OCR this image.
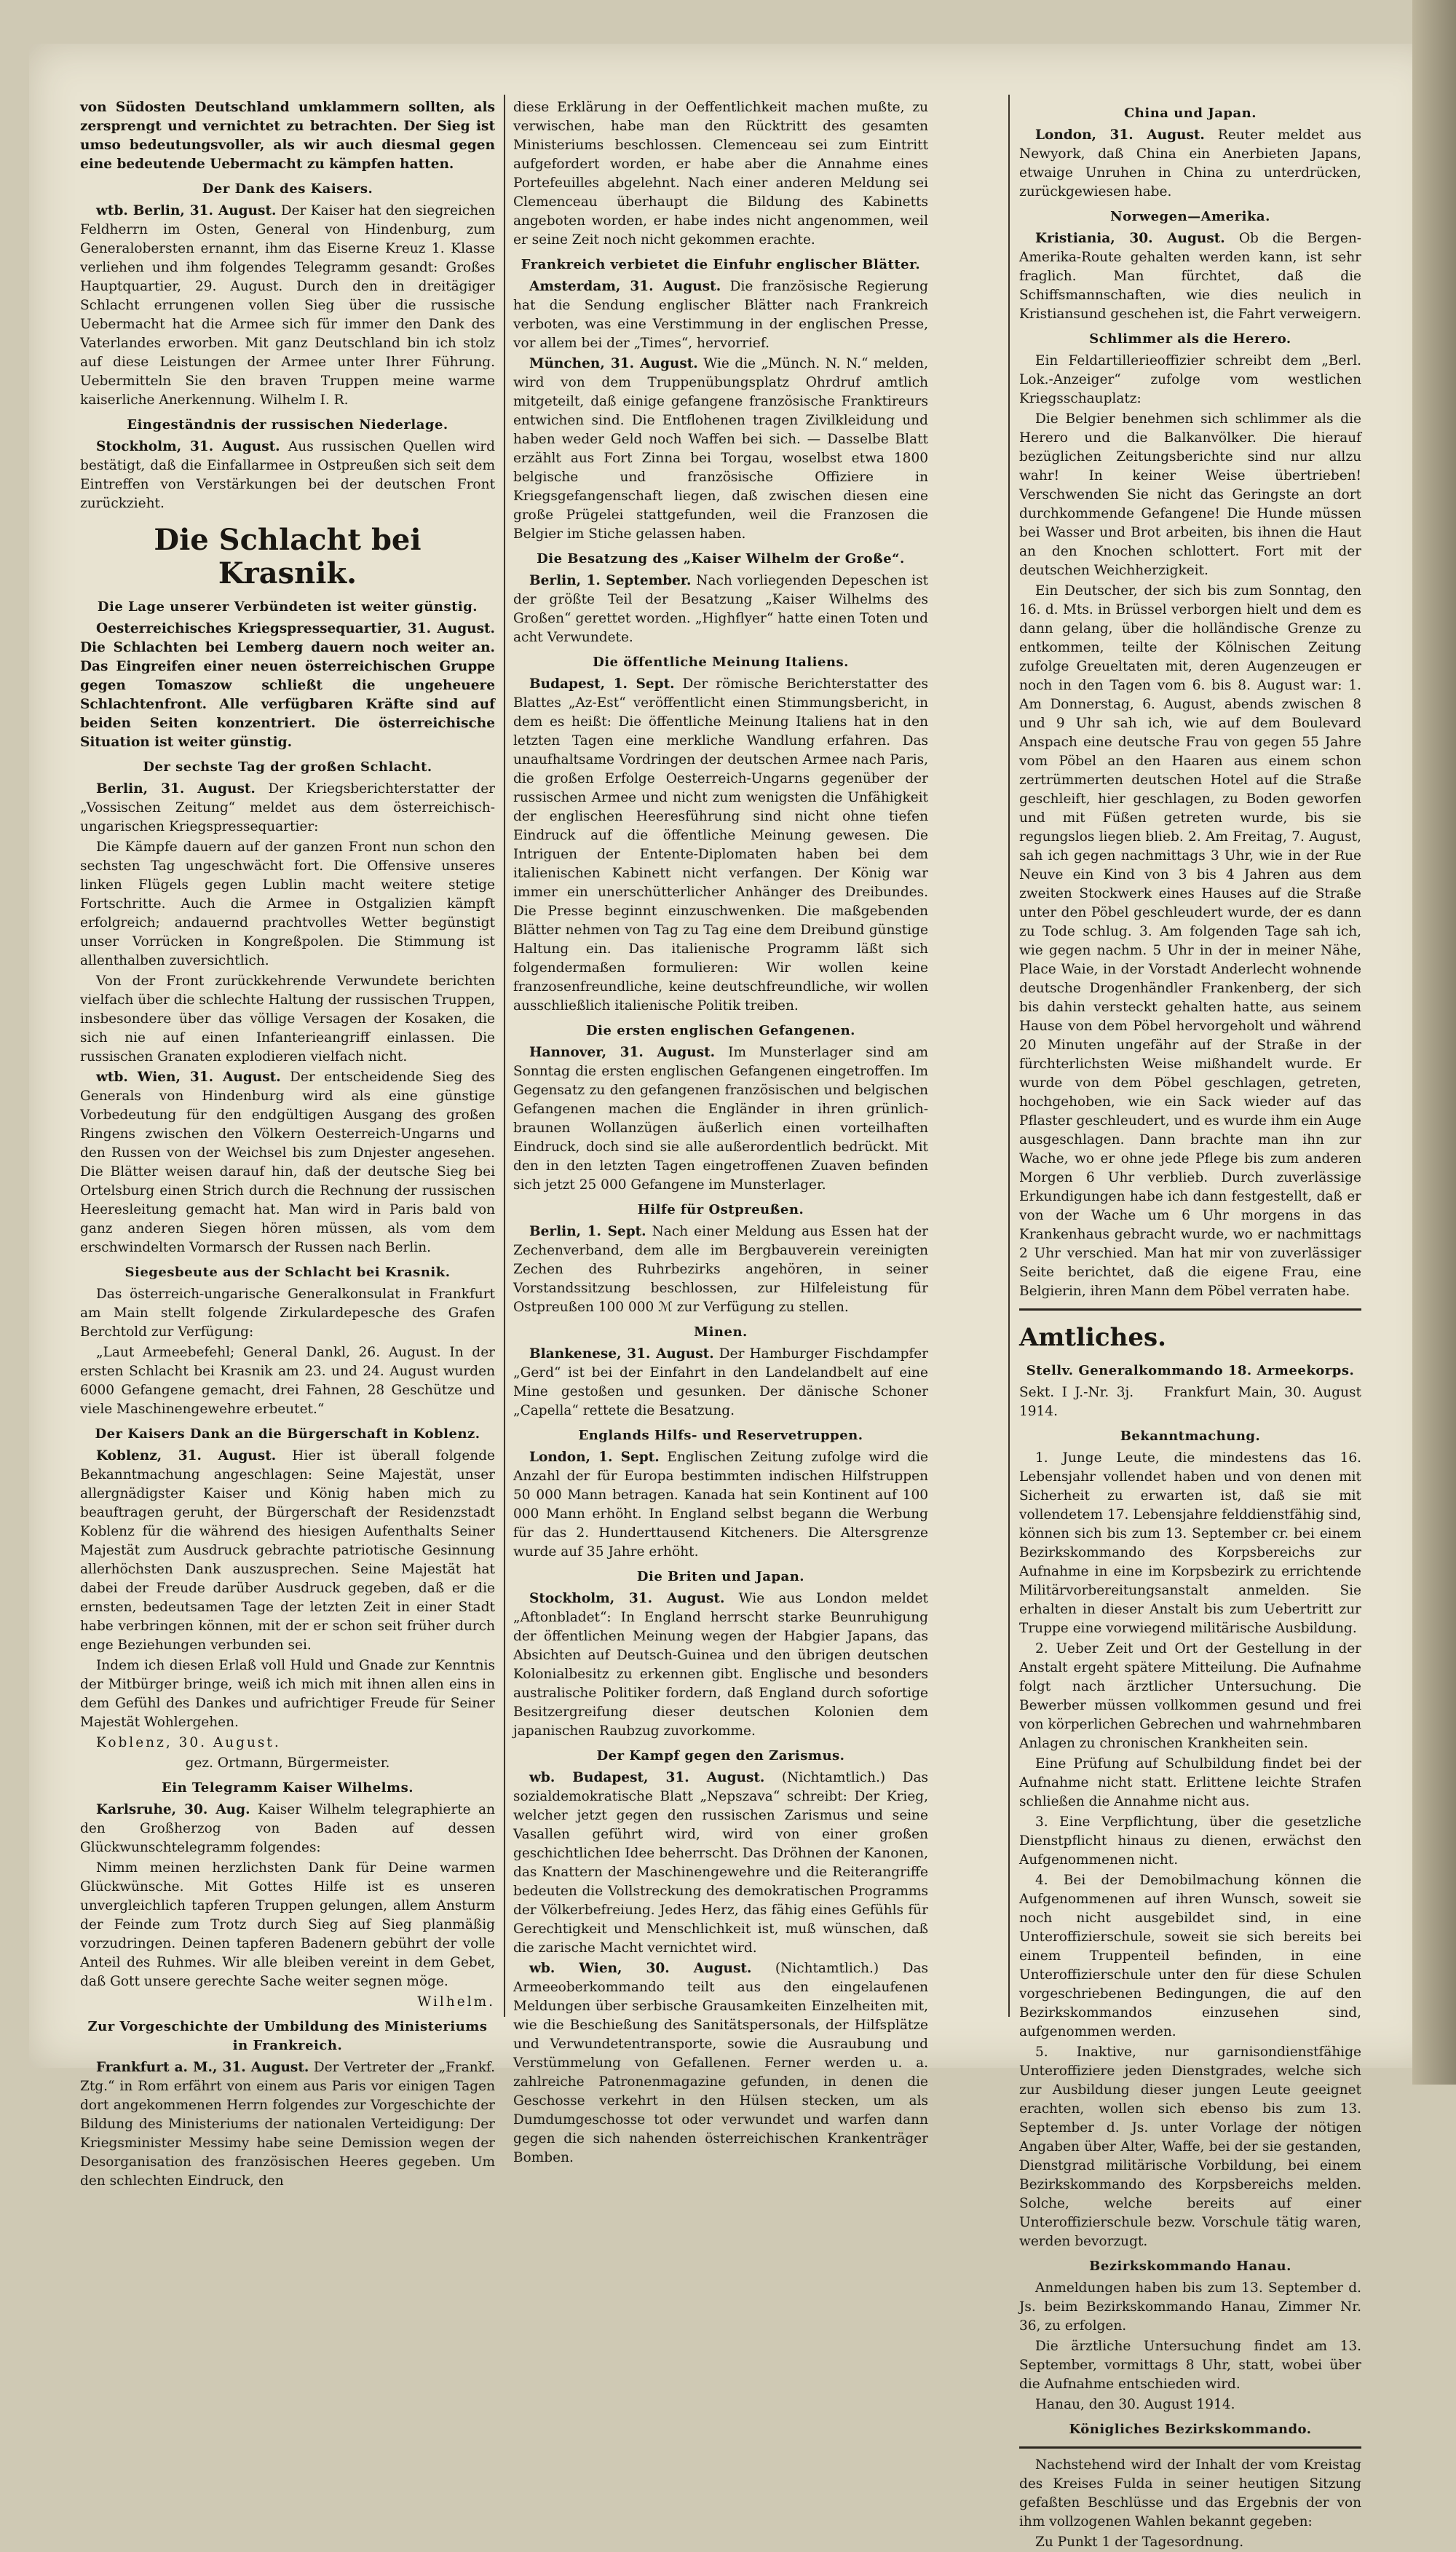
von Südosten Deutschland umklammern sollten, als zersprengt und vernichtet zu betrachten. Der Sieg ist umso bedeutungsvoller, als wir auch diesmal gegen eine bedeutende Uebermacht zu kämpfen hatten.

Der Dank des Kaisers.

wtb. Berlin, 31. August. Der Kaiser hat den siegreichen Feldherrn im Osten, General von Hindenburg, zum Generalobersten ernannt, ihm das Eiserne Kreuz 1. Klasse verliehen und ihm folgendes Telegramm gesandt: Großes Hauptquartier, 29. August. Durch den in dreitägiger Schlacht errungenen vollen Sieg über die russische Uebermacht hat die Armee sich für immer den Dank des Vaterlandes erworben. Mit ganz Deutschland bin ich stolz auf diese Leistungen der Armee unter Ihrer Führung. Uebermitteln Sie den braven Truppen meine warme kaiserliche Anerkennung. Wilhelm I. R.

Eingeständnis der russischen Niederlage.

Stockholm, 31. August. Aus russischen Quellen wird bestätigt, daß die Einfallarmee in Ostpreußen sich seit dem Eintreffen von Verstärkungen bei der deutschen Front zurückzieht.

Die Schlacht bei Krasnik.
Die Lage unserer Verbündeten ist weiter günstig.

Oesterreichisches Kriegspressequartier, 31. August. Die Schlachten bei Lemberg dauern noch weiter an. Das Eingreifen einer neuen österreichischen Gruppe gegen Tomaszow schließt die ungeheuere Schlachtenfront. Alle verfügbaren Kräfte sind auf beiden Seiten konzentriert. Die österreichische Situation ist weiter günstig.

Der sechste Tag der großen Schlacht.

Berlin, 31. August. Der Kriegsberichterstatter der „Vossischen Zeitung“ meldet aus dem österreichisch-ungarischen Kriegspressequartier:

Die Kämpfe dauern auf der ganzen Front nun schon den sechsten Tag ungeschwächt fort. Die Offensive unseres linken Flügels gegen Lublin macht weitere stetige Fortschritte. Auch die Armee in Ostgalizien kämpft erfolgreich; andauernd prachtvolles Wetter begünstigt unser Vorrücken in Kongreßpolen. Die Stimmung ist allenthalben zuversichtlich.

Von der Front zurückkehrende Verwundete berichten vielfach über die schlechte Haltung der russischen Truppen, insbesondere über das völlige Versagen der Kosaken, die sich nie auf einen Infanterieangriff einlassen. Die russischen Granaten explodieren vielfach nicht.

wtb. Wien, 31. August. Der entscheidende Sieg des Generals von Hindenburg wird als eine günstige Vorbedeutung für den endgültigen Ausgang des großen Ringens zwischen den Völkern Oesterreich-Ungarns und den Russen von der Weichsel bis zum Dnjester angesehen. Die Blätter weisen darauf hin, daß der deutsche Sieg bei Ortelsburg einen Strich durch die Rechnung der russischen Heeresleitung gemacht hat. Man wird in Paris bald von ganz anderen Siegen hören müssen, als vom dem erschwindelten Vormarsch der Russen nach Berlin.

Siegesbeute aus der Schlacht bei Krasnik.

Das österreich-ungarische Generalkonsulat in Frankfurt am Main stellt folgende Zirkulardepesche des Grafen Berchtold zur Verfügung:

„Laut Armeebefehl; General Dankl, 26. August. In der ersten Schlacht bei Krasnik am 23. und 24. August wurden 6000 Gefangene gemacht, drei Fahnen, 28 Geschütze und viele Maschinengewehre erbeutet.“

Der Kaisers Dank an die Bürgerschaft in Koblenz.

Koblenz, 31. August. Hier ist überall folgende Bekanntmachung angeschlagen: Seine Majestät, unser allergnädigster Kaiser und König haben mich zu beauftragen geruht, der Bürgerschaft der Residenzstadt Koblenz für die während des hiesigen Aufenthalts Seiner Majestät zum Ausdruck gebrachte patriotische Gesinnung allerhöchsten Dank auszusprechen. Seine Majestät hat dabei der Freude darüber Ausdruck gegeben, daß er die ernsten, bedeutsamen Tage der letzten Zeit in einer Stadt habe verbringen können, mit der er schon seit früher durch enge Beziehungen verbunden sei.

Indem ich diesen Erlaß voll Huld und Gnade zur Kenntnis der Mitbürger bringe, weiß ich mich mit ihnen allen eins in dem Gefühl des Dankes und aufrichtiger Freude für Seiner Majestät Wohlergehen.

Koblenz, 30. August.

gez. Ortmann, Bürgermeister.

Ein Telegramm Kaiser Wilhelms.

Karlsruhe, 30. Aug. Kaiser Wilhelm telegraphierte an den Großherzog von Baden auf dessen Glückwunschtelegramm folgendes:

Nimm meinen herzlichsten Dank für Deine warmen Glückwünsche. Mit Gottes Hilfe ist es unseren unvergleichlich tapferen Truppen gelungen, allem Ansturm der Feinde zum Trotz durch Sieg auf Sieg planmäßig vorzudringen. Deinen tapferen Badenern gebührt der volle Anteil des Ruhmes. Wir alle bleiben vereint in dem Gebet, daß Gott unsere gerechte Sache weiter segnen möge.

Wilhelm.

Zur Vorgeschichte der Umbildung des Ministeriums in Frankreich.

Frankfurt a. M., 31. August. Der Vertreter der „Frankf. Ztg.“ in Rom erfährt von einem aus Paris vor einigen Tagen dort angekommenen Herrn folgendes zur Vorgeschichte der Bildung des Ministeriums der nationalen Verteidigung: Der Kriegsminister Messimy habe seine Demission wegen der Desorganisation des französischen Heeres gegeben. Um den schlechten Eindruck, den

diese Erklärung in der Oeffentlichkeit machen mußte, zu verwischen, habe man den Rücktritt des gesamten Ministeriums beschlossen. Clemenceau sei zum Eintritt aufgefordert worden, er habe aber die Annahme eines Portefeuilles abgelehnt. Nach einer anderen Meldung sei Clemenceau überhaupt die Bildung des Kabinetts angeboten worden, er habe indes nicht angenommen, weil er seine Zeit noch nicht gekommen erachte.

Frankreich verbietet die Einfuhr englischer Blätter.

Amsterdam, 31. August. Die französische Regierung hat die Sendung englischer Blätter nach Frankreich verboten, was eine Verstimmung in der englischen Presse, vor allem bei der „Times“, hervorrief.

München, 31. August. Wie die „Münch. N. N.“ melden, wird von dem Truppenübungsplatz Ohrdruf amtlich mitgeteilt, daß einige gefangene französische Franktireurs entwichen sind. Die Entflohenen tragen Zivilkleidung und haben weder Geld noch Waffen bei sich. — Dasselbe Blatt erzählt aus Fort Zinna bei Torgau, woselbst etwa 1800 belgische und französische Offiziere in Kriegsgefangenschaft liegen, daß zwischen diesen eine große Prügelei stattgefunden, weil die Franzosen die Belgier im Stiche gelassen haben.

Die Besatzung des „Kaiser Wilhelm der Große“.

Berlin, 1. September. Nach vorliegenden Depeschen ist der größte Teil der Besatzung „Kaiser Wilhelms des Großen“ gerettet worden. „Highflyer“ hatte einen Toten und acht Verwundete.

Die öffentliche Meinung Italiens.

Budapest, 1. Sept. Der römische Berichterstatter des Blattes „Az-Est“ veröffentlicht einen Stimmungsbericht, in dem es heißt: Die öffentliche Meinung Italiens hat in den letzten Tagen eine merkliche Wandlung erfahren. Das unaufhaltsame Vordringen der deutschen Armee nach Paris, die großen Erfolge Oesterreich-Ungarns gegenüber der russischen Armee und nicht zum wenigsten die Unfähigkeit der englischen Heeresführung sind nicht ohne tiefen Eindruck auf die öffentliche Meinung gewesen. Die Intriguen der Entente-Diplomaten haben bei dem italienischen Kabinett nicht verfangen. Der König war immer ein unerschütterlicher Anhänger des Dreibundes. Die Presse beginnt einzuschwenken. Die maßgebenden Blätter nehmen von Tag zu Tag eine dem Dreibund günstige Haltung ein. Das italienische Programm läßt sich folgendermaßen formulieren: Wir wollen keine franzosenfreundliche, keine deutschfreundliche, wir wollen ausschließlich italienische Politik treiben.

Die ersten englischen Gefangenen.

Hannover, 31. August. Im Munsterlager sind am Sonntag die ersten englischen Gefangenen eingetroffen. Im Gegensatz zu den gefangenen französischen und belgischen Gefangenen machen die Engländer in ihren grünlich-braunen Wollanzügen äußerlich einen vorteilhaften Eindruck, doch sind sie alle außerordentlich bedrückt. Mit den in den letzten Tagen eingetroffenen Zuaven befinden sich jetzt 25 000 Gefangene im Munsterlager.

Hilfe für Ostpreußen.

Berlin, 1. Sept. Nach einer Meldung aus Essen hat der Zechenverband, dem alle im Bergbauverein vereinigten Zechen des Ruhrbezirks angehören, in seiner Vorstandssitzung beschlossen, zur Hilfeleistung für Ostpreußen 100 000 ℳ zur Verfügung zu stellen.

Minen.

Blankenese, 31. August. Der Hamburger Fischdampfer „Gerd“ ist bei der Einfahrt in den Landelandbelt auf eine Mine gestoßen und gesunken. Der dänische Schoner „Capella“ rettete die Besatzung.

Englands Hilfs- und Reservetruppen.

London, 1. Sept. Englischen Zeitung zufolge wird die Anzahl der für Europa bestimmten indischen Hilfstruppen 50 000 Mann betragen. Kanada hat sein Kontinent auf 100 000 Mann erhöht. In England selbst begann die Werbung für das 2. Hunderttausend Kitcheners. Die Altersgrenze wurde auf 35 Jahre erhöht.

Die Briten und Japan.

Stockholm, 31. August. Wie aus London meldet „Aftonbladet“: In England herrscht starke Beunruhigung der öffentlichen Meinung wegen der Habgier Japans, das Absichten auf Deutsch-Guinea und den übrigen deutschen Kolonialbesitz zu erkennen gibt. Englische und besonders australische Politiker fordern, daß England durch sofortige Besitzergreifung dieser deutschen Kolonien dem japanischen Raubzug zuvorkomme.

Der Kampf gegen den Zarismus.

wb. Budapest, 31. August. (Nichtamtlich.) Das sozialdemokratische Blatt „Nepszava“ schreibt: Der Krieg, welcher jetzt gegen den russischen Zarismus und seine Vasallen geführt wird, wird von einer großen geschichtlichen Idee beherrscht. Das Dröhnen der Kanonen, das Knattern der Maschinengewehre und die Reiterangriffe bedeuten die Vollstreckung des demokratischen Programms der Völkerbefreiung. Jedes Herz, das fähig eines Gefühls für Gerechtigkeit und Menschlichkeit ist, muß wünschen, daß die zarische Macht vernichtet wird.

wb. Wien, 30. August. (Nichtamtlich.) Das Armeeoberkommando teilt aus den eingelaufenen Meldungen über serbische Grausamkeiten Einzelheiten mit, wie die Beschießung des Sanitätspersonals, der Hilfsplätze und Verwundetentransporte, sowie die Ausraubung und Verstümmelung von Gefallenen. Ferner werden u. a. zahlreiche Patronenmagazine gefunden, in denen die Geschosse verkehrt in den Hülsen stecken, um als Dumdumgeschosse tot oder verwundet und warfen dann gegen die sich nahenden österreichischen Krankenträger Bomben.

China und Japan.

London, 31. August. Reuter meldet aus Newyork, daß China ein Anerbieten Japans, etwaige Unruhen in China zu unterdrücken, zurückgewiesen habe.

Norwegen—Amerika.

Kristiania, 30. August. Ob die Bergen-Amerika-Route gehalten werden kann, ist sehr fraglich. Man fürchtet, daß die Schiffsmannschaften, wie dies neulich in Kristiansund geschehen ist, die Fahrt verweigern.

Schlimmer als die Herero.

Ein Feldartillerieoffizier schreibt dem „Berl. Lok.-Anzeiger“ zufolge vom westlichen Kriegsschauplatz:

Die Belgier benehmen sich schlimmer als die Herero und die Balkanvölker. Die hierauf bezüglichen Zeitungsberichte sind nur allzu wahr! In keiner Weise übertrieben! Verschwenden Sie nicht das Geringste an dort durchkommende Gefangene! Die Hunde müssen bei Wasser und Brot arbeiten, bis ihnen die Haut an den Knochen schlottert. Fort mit der deutschen Weichherzigkeit.

Ein Deutscher, der sich bis zum Sonntag, den 16. d. Mts. in Brüssel verborgen hielt und dem es dann gelang, über die holländische Grenze zu entkommen, teilte der Kölnischen Zeitung zufolge Greueltaten mit, deren Augenzeugen er noch in den Tagen vom 6. bis 8. August war: 1. Am Donnerstag, 6. August, abends zwischen 8 und 9 Uhr sah ich, wie auf dem Boulevard Anspach eine deutsche Frau von gegen 55 Jahre vom Pöbel an den Haaren aus einem schon zertrümmerten deutschen Hotel auf die Straße geschleift, hier geschlagen, zu Boden geworfen und mit Füßen getreten wurde, bis sie regungslos liegen blieb. 2. Am Freitag, 7. August, sah ich gegen nachmittags 3 Uhr, wie in der Rue Neuve ein Kind von 3 bis 4 Jahren aus dem zweiten Stockwerk eines Hauses auf die Straße unter den Pöbel geschleudert wurde, der es dann zu Tode schlug. 3. Am folgenden Tage sah ich, wie gegen nachm. 5 Uhr in der in meiner Nähe, Place Waie, in der Vorstadt Anderlecht wohnende deutsche Drogenhändler Frankenberg, der sich bis dahin versteckt gehalten hatte, aus seinem Hause von dem Pöbel hervorgeholt und während 20 Minuten ungefähr auf der Straße in der fürchterlichsten Weise mißhandelt wurde. Er wurde von dem Pöbel geschlagen, getreten, hochgehoben, wie ein Sack wieder auf das Pflaster geschleudert, und es wurde ihm ein Auge ausgeschlagen. Dann brachte man ihn zur Wache, wo er ohne jede Pflege bis zum anderen Morgen 6 Uhr verblieb. Durch zuverlässige Erkundigungen habe ich dann festgestellt, daß er von der Wache um 6 Uhr morgens in das Krankenhaus gebracht wurde, wo er nachmittags 2 Uhr verschied. Man hat mir von zuverlässiger Seite berichtet, daß die eigene Frau, eine Belgierin, ihren Mann dem Pöbel verraten habe.

Amtliches.
Stellv. Generalkommando 18. Armeekorps.

Sekt. I J.-Nr. 3j. Frankfurt Main, 30. August 1914.

Bekanntmachung.

1. Junge Leute, die mindestens das 16. Lebensjahr vollendet haben und von denen mit Sicherheit zu erwarten ist, daß sie mit vollendetem 17. Lebensjahre felddienstfähig sind, können sich bis zum 13. September cr. bei einem Bezirkskommando des Korpsbereichs zur Aufnahme in eine im Korpsbezirk zu errichtende Militärvorbereitungsanstalt anmelden. Sie erhalten in dieser Anstalt bis zum Uebertritt zur Truppe eine vorwiegend militärische Ausbildung.

2. Ueber Zeit und Ort der Gestellung in der Anstalt ergeht spätere Mitteilung. Die Aufnahme folgt nach ärztlicher Untersuchung. Die Bewerber müssen vollkommen gesund und frei von körperlichen Gebrechen und wahrnehmbaren Anlagen zu chronischen Krankheiten sein.

Eine Prüfung auf Schulbildung findet bei der Aufnahme nicht statt. Erlittene leichte Strafen schließen die Annahme nicht aus.

3. Eine Verpflichtung, über die gesetzliche Dienstpflicht hinaus zu dienen, erwächst den Aufgenommenen nicht.

4. Bei der Demobilmachung können die Aufgenommenen auf ihren Wunsch, soweit sie noch nicht ausgebildet sind, in eine Unteroffizierschule, soweit sie sich bereits bei einem Truppenteil befinden, in eine Unteroffizierschule unter den für diese Schulen vorgeschriebenen Bedingungen, die auf den Bezirkskommandos einzusehen sind, aufgenommen werden.

5. Inaktive, nur garnisondienstfähige Unteroffiziere jeden Dienstgrades, welche sich zur Ausbildung dieser jungen Leute geeignet erachten, wollen sich ebenso bis zum 13. September d. Js. unter Vorlage der nötigen Angaben über Alter, Waffe, bei der sie gestanden, Dienstgrad militärische Vorbildung, bei einem Bezirkskommando des Korpsbereichs melden. Solche, welche bereits auf einer Unteroffizierschule bezw. Vorschule tätig waren, werden bevorzugt.

Bezirkskommando Hanau.

Anmeldungen haben bis zum 13. September d. Js. beim Bezirkskommando Hanau, Zimmer Nr. 36, zu erfolgen.

Die ärztliche Untersuchung findet am 13. September, vormittags 8 Uhr, statt, wobei über die Aufnahme entschieden wird.

Hanau, den 30. August 1914.

Königliches Bezirkskommando.

Nachstehend wird der Inhalt der vom Kreistag des Kreises Fulda in seiner heutigen Sitzung gefaßten Beschlüsse und das Ergebnis der von ihm vollzogenen Wahlen bekannt gegeben:

Zu Punkt 1 der Tagesordnung.
